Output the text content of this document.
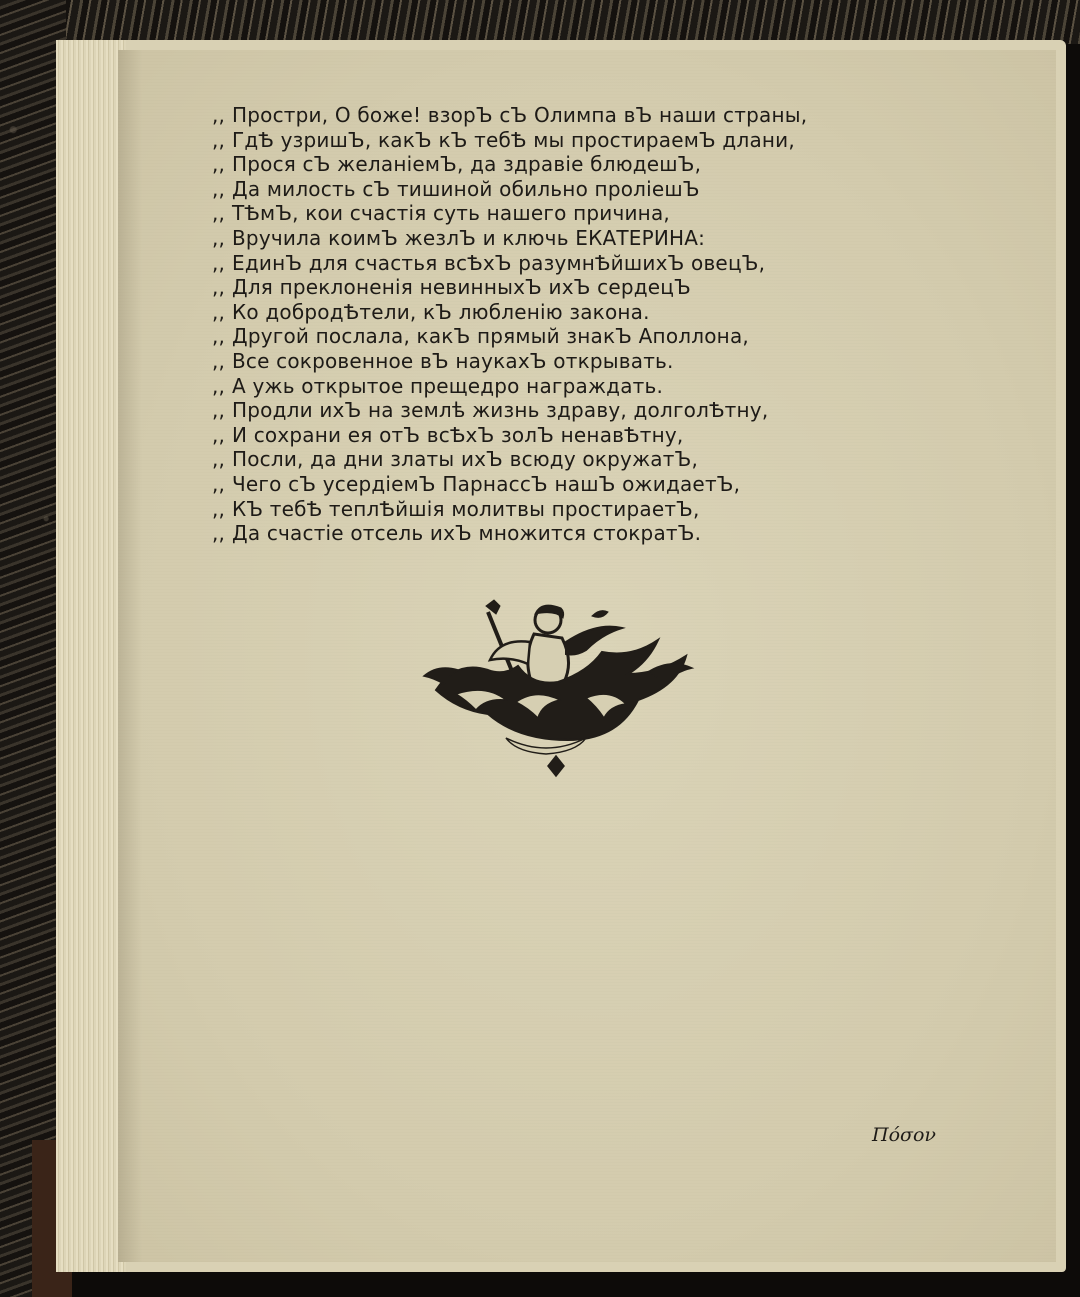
,, Простри, О боже! взорЪ сЪ Олимпа вЪ наши страны,
,, ГдѢ узришЪ, какЪ кЪ тебѢ мы простираемЪ длани,
,, Прося сЪ желаніемЪ, да здравіе блюдешЪ,
,, Да милость сЪ тишиной обильно пролiешЪ
,, ТѢмЪ, кои счастія суть нашего причина,
,, Вручила коимЪ жезлЪ и ключь ЕКАТЕРИНА:
,, ЕдинЪ для счастья всѢхЪ разумнѢйшихЪ овецЪ,
,, Для преклоненія невинныхЪ ихЪ сердецЪ
,, Ко добродѢтели, кЪ любленію закона.
,, Другой послала, какЪ прямый знакЪ Аполлона,
,, Все сокровенное вЪ наукахЪ открывать.
,, А ужь открытое прещедро награждать.
,, Продли ихЪ на землѣ жизнь здраву, долголѢтну,
,, И сохрани ея отЪ всѢхЪ золЪ ненавѢтну,
,, Посли, да дни златы ихЪ всюду окружатЪ,
,, Чего сЪ усердіемЪ ПарнассЪ нашЪ ожидаетЪ,
,, КЪ тебѢ теплѢйшія молитвы простираетЪ,
,, Да счастіе отсель ихЪ множится стократЪ.
Пόσον
